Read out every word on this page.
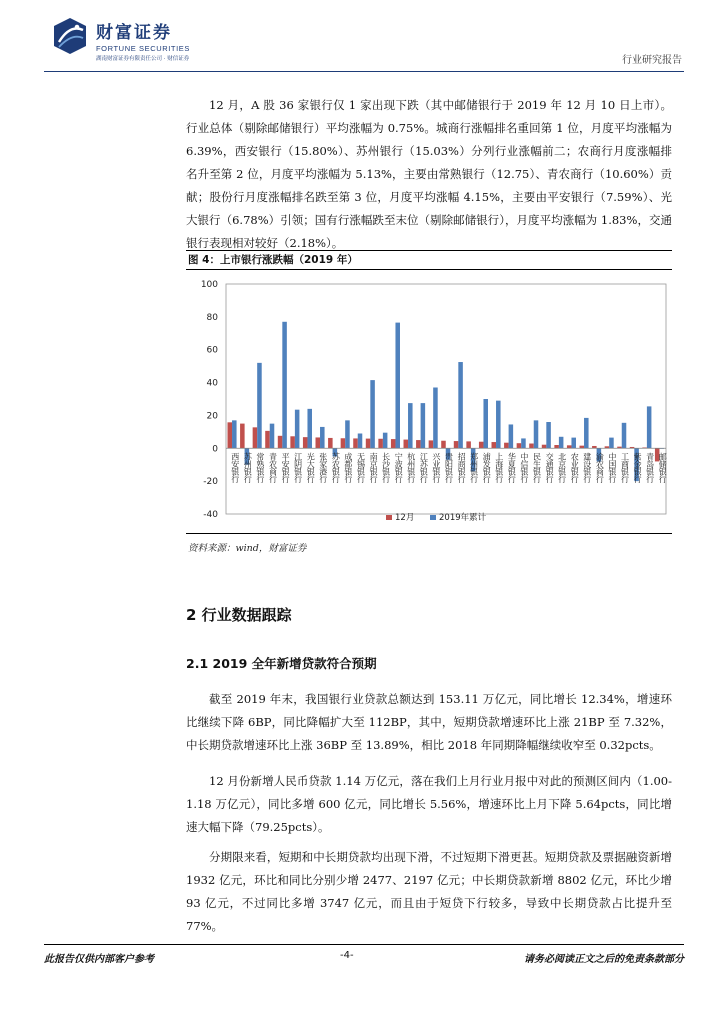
财富证券
FORTUNE SECURITIES
湖南财富证券有限责任公司 · 财信证券	行业研究报告

12 月，A 股 36 家银行仅 1 家出现下跌（其中邮储银行于 2019 年 12 月 10 日上市）。行业总体（剔除邮储银行）平均涨幅为 0.75%。城商行涨幅排名重回第 1 位，月度平均涨幅为 6.39%，西安银行（15.80%）、苏州银行（15.03%）分列行业涨幅前二；农商行月度涨幅排名升至第 2 位，月度平均涨幅为 5.13%，主要由常熟银行（12.75）、青农商行（10.60%）贡献；股份行月度涨幅排名跌至第 3 位，月度平均涨幅 4.15%，主要由平安银行（7.59%）、光大银行（6.78%）引领；国有行涨幅跌至末位（剔除邮储银行），月度平均涨幅为 1.83%，交通银行表现相对较好（2.18%）。

图 4：上市银行涨跌幅（2019 年）
-40
-20
0
20
40
60
80
100
西安银行 苏州银行 常熟银行 青农商行 平安银行 江阴银行 光大银行 张家港行 苏农银行 成都银行 无锡银行 南京银行 长沙银行 宁波银行 杭州银行 江苏银行 兴业银行 贵阳银行 招商银行 郑州银行 浦发银行 上海银行 华夏银行 中信银行 民生银行 交通银行 北京银行 农业银行 建设银行 渝农商行 中国银行 工商银行 紫金银行 青岛银行 邮储银行
12月	2019年累计
资料来源：wind，财富证券
2 行业数据跟踪
2.1 2019 全年新增贷款符合预期

截至 2019 年末，我国银行业贷款总额达到 153.11 万亿元，同比增长 12.34%，增速环比继续下降 6BP，同比降幅扩大至 112BP，其中，短期贷款增速环比上涨 21BP 至 7.32%，中长期贷款增速环比上涨 36BP 至 13.89%，相比 2018 年同期降幅继续收窄至 0.32pcts。

12 月份新增人民币贷款 1.14 万亿元，落在我们上月行业月报中对此的预测区间内（1.00-1.18 万亿元），同比多增 600 亿元，同比增长 5.56%，增速环比上月下降 5.64pcts，同比增速大幅下降（79.25pcts）。

分期限来看，短期和中长期贷款均出现下滑，不过短期下滑更甚。短期贷款及票据融资新增 1932 亿元，环比和同比分别少增 2477、2197 亿元；中长期贷款新增 8802 亿元，环比少增 93 亿元，不过同比多增 3747 亿元，而且由于短贷下行较多，导致中长期贷款占比提升至 77%。

此报告仅供内部客户参考	-4-	请务必阅读正文之后的免责条款部分
